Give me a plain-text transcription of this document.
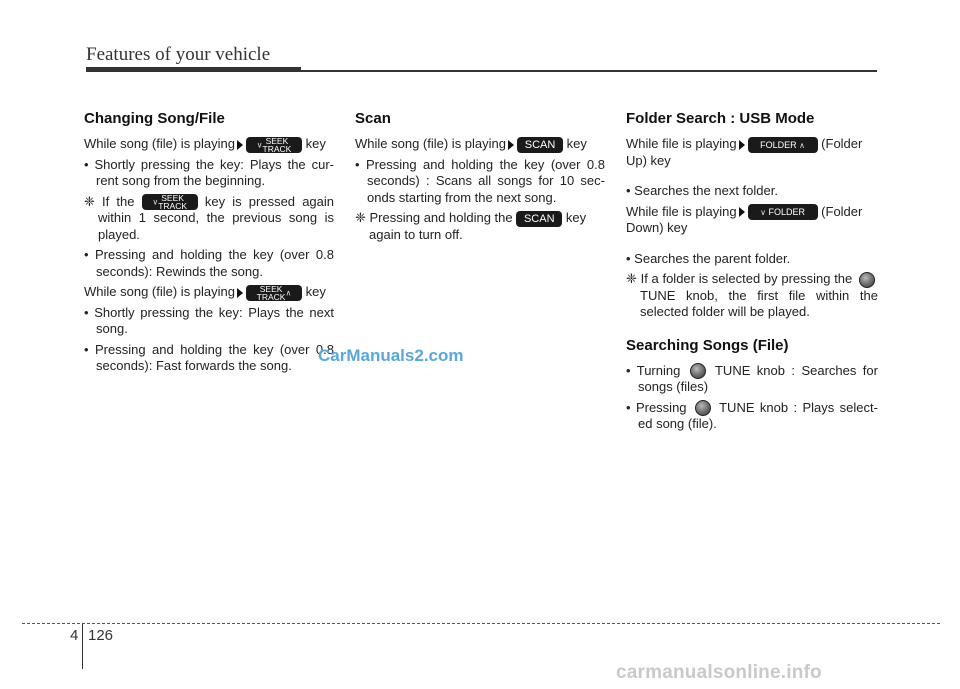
Features of your vehicle
Changing Song/File

While song (file) is playing	∨ SEEK
TRACK key

• Shortly pressing the key: Plays the cur- rent song from the beginning.

❈ If the ∨ SEEK
TRACK key is pressed again within 1 second, the previous song is played.

• Pressing and holding the key (over 0.8 seconds): Rewinds the song.

While song (file) is playing	SEEK
TRACK∧ key

• Shortly pressing the key: Plays the next song.

• Pressing and holding the key (over 0.8 seconds): Fast forwards the song.

Scan

While song (file) is playing SCAN key

• Pressing and holding the key (over 0.8 seconds) : Scans all songs for 10 sec- onds starting from the next song.

❈ Pressing and holding the SCAN key again to turn off.

Folder Search : USB Mode

While file is playing	FOLDER ∧ (Folder Up) key

• Searches the next folder.

While file is playing	∨ FOLDER (Folder Down) key

• Searches the parent folder.

❈ If a folder is selected by pressing the  TUNE knob, the first file within the selected folder will be played.

Searching Songs (File)

• Turning	TUNE knob : Searches for songs (files)

• Pressing	TUNE knob : Plays select- ed song (file).

CarManuals2.com
4 126
carmanualsonline.info
